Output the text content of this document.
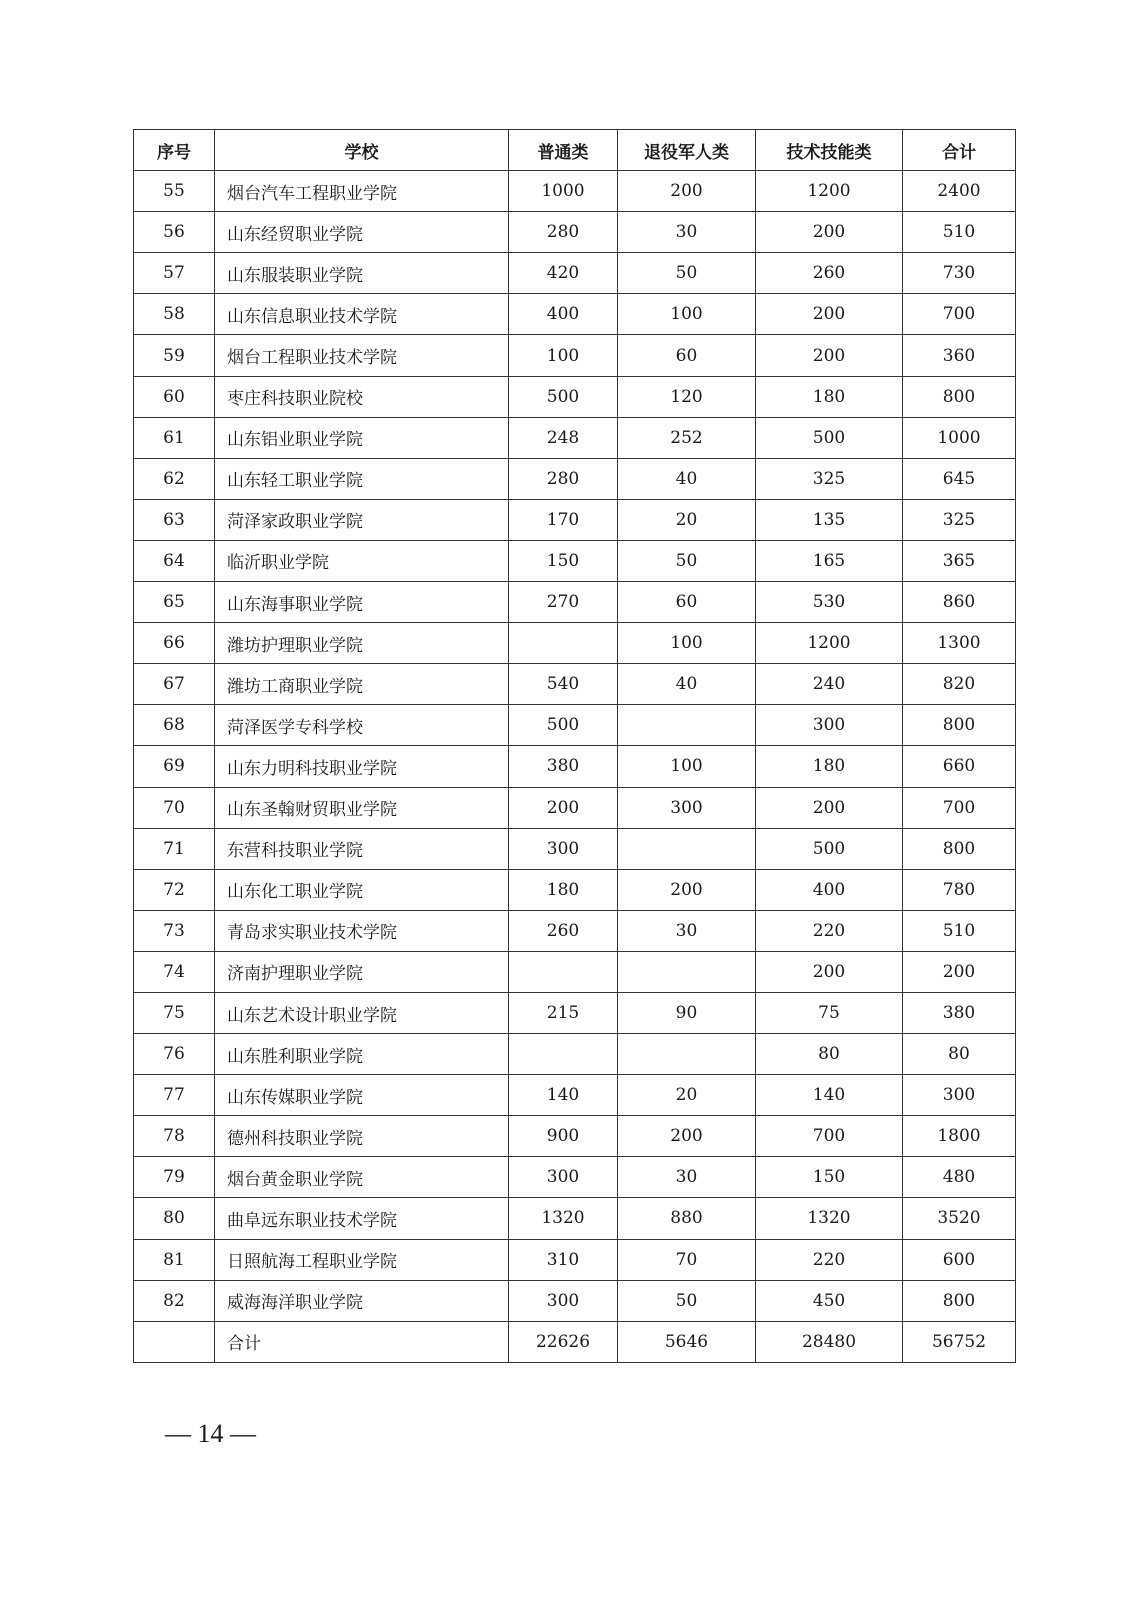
序号	学校	普通类	退役军人类	技术技能类	合计
55	烟台汽车工程职业学院	1000	200	1200	2400
56	山东经贸职业学院	280	30	200	510
57	山东服装职业学院	420	50	260	730
58	山东信息职业技术学院	400	100	200	700
59	烟台工程职业技术学院	100	60	200	360
60	枣庄科技职业院校	500	120	180	800
61	山东铝业职业学院	248	252	500	1000
62	山东轻工职业学院	280	40	325	645
63	菏泽家政职业学院	170	20	135	325
64	临沂职业学院	150	50	165	365
65	山东海事职业学院	270	60	530	860
66	潍坊护理职业学院		100	1200	1300
67	潍坊工商职业学院	540	40	240	820
68	菏泽医学专科学校	500		300	800
69	山东力明科技职业学院	380	100	180	660
70	山东圣翰财贸职业学院	200	300	200	700
71	东营科技职业学院	300		500	800
72	山东化工职业学院	180	200	400	780
73	青岛求实职业技术学院	260	30	220	510
74	济南护理职业学院			200	200
75	山东艺术设计职业学院	215	90	75	380
76	山东胜利职业学院			80	80
77	山东传媒职业学院	140	20	140	300
78	德州科技职业学院	900	200	700	1800
79	烟台黄金职业学院	300	30	150	480
80	曲阜远东职业技术学院	1320	880	1320	3520
81	日照航海工程职业学院	310	70	220	600
82	威海海洋职业学院	300	50	450	800
	合计	22626	5646	28480	56752
— 14 —
